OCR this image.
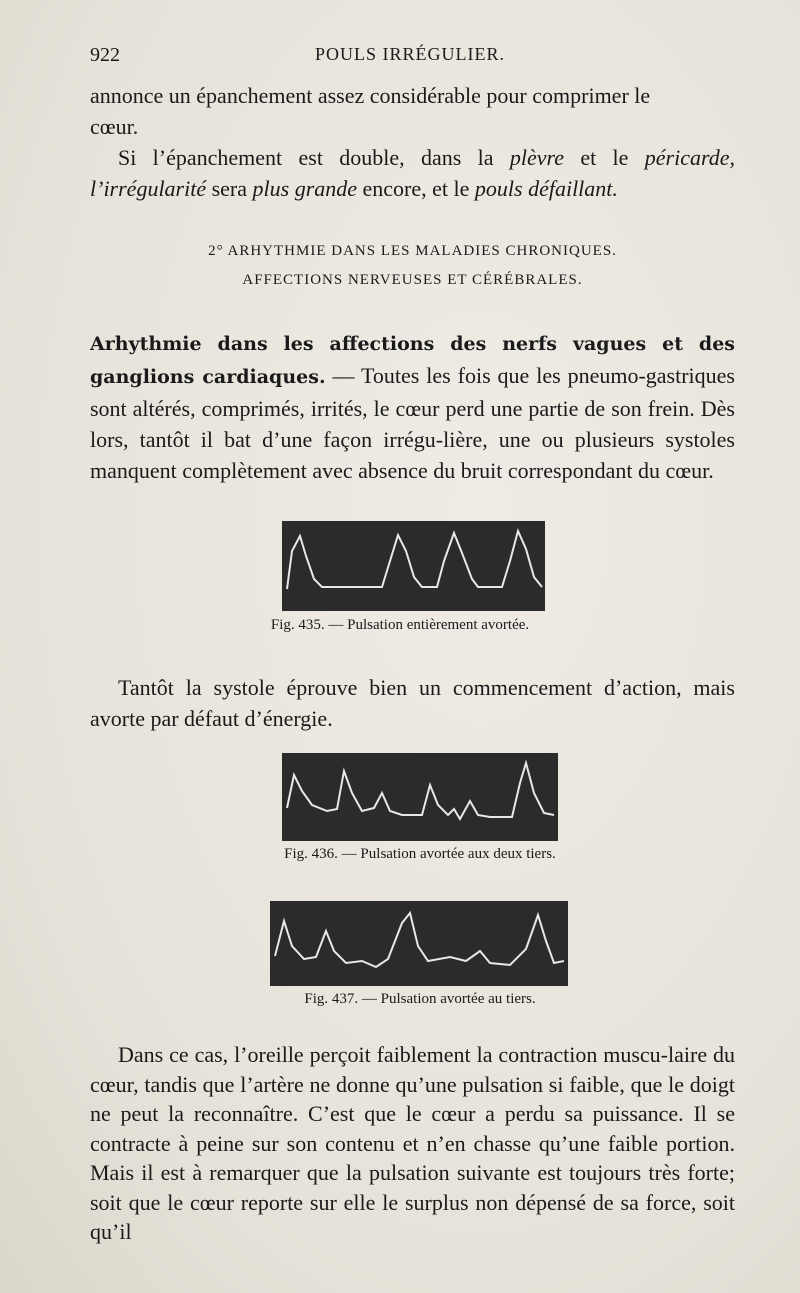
922	POULS IRRÉGULIER.
annonce un épanchement assez considérable pour comprimer le
cœur.
Si l’épanchement est double, dans la plèvre et le péricarde, l’irrégularité sera plus grande encore, et le pouls défaillant.
2° ARHYTHMIE DANS LES MALADIES CHRONIQUES.
AFFECTIONS NERVEUSES ET CÉRÉBRALES.
Arhythmie dans les affections des nerfs vagues et des ganglions cardiaques. — Toutes les fois que les pneumo-gastriques sont altérés, comprimés, irrités, le cœur perd une partie de son frein. Dès lors, tantôt il bat d’une façon irrégu-lière, une ou plusieurs systoles manquent complètement avec absence du bruit correspondant du cœur.
Fig. 435. — Pulsation entièrement avortée.
Tantôt la systole éprouve bien un commencement d’action, mais avorte par défaut d’énergie.
Fig. 436. — Pulsation avortée aux deux tiers.
Fig. 437. — Pulsation avortée au tiers.
Dans ce cas, l’oreille perçoit faiblement la contraction muscu-laire du cœur, tandis que l’artère ne donne qu’une pulsation si faible, que le doigt ne peut la reconnaître. C’est que le cœur a perdu sa puissance. Il se contracte à peine sur son contenu et n’en chasse qu’une faible portion. Mais il est à remarquer que la pulsation suivante est toujours très forte; soit que le cœur reporte sur elle le surplus non dépensé de sa force, soit qu’il
